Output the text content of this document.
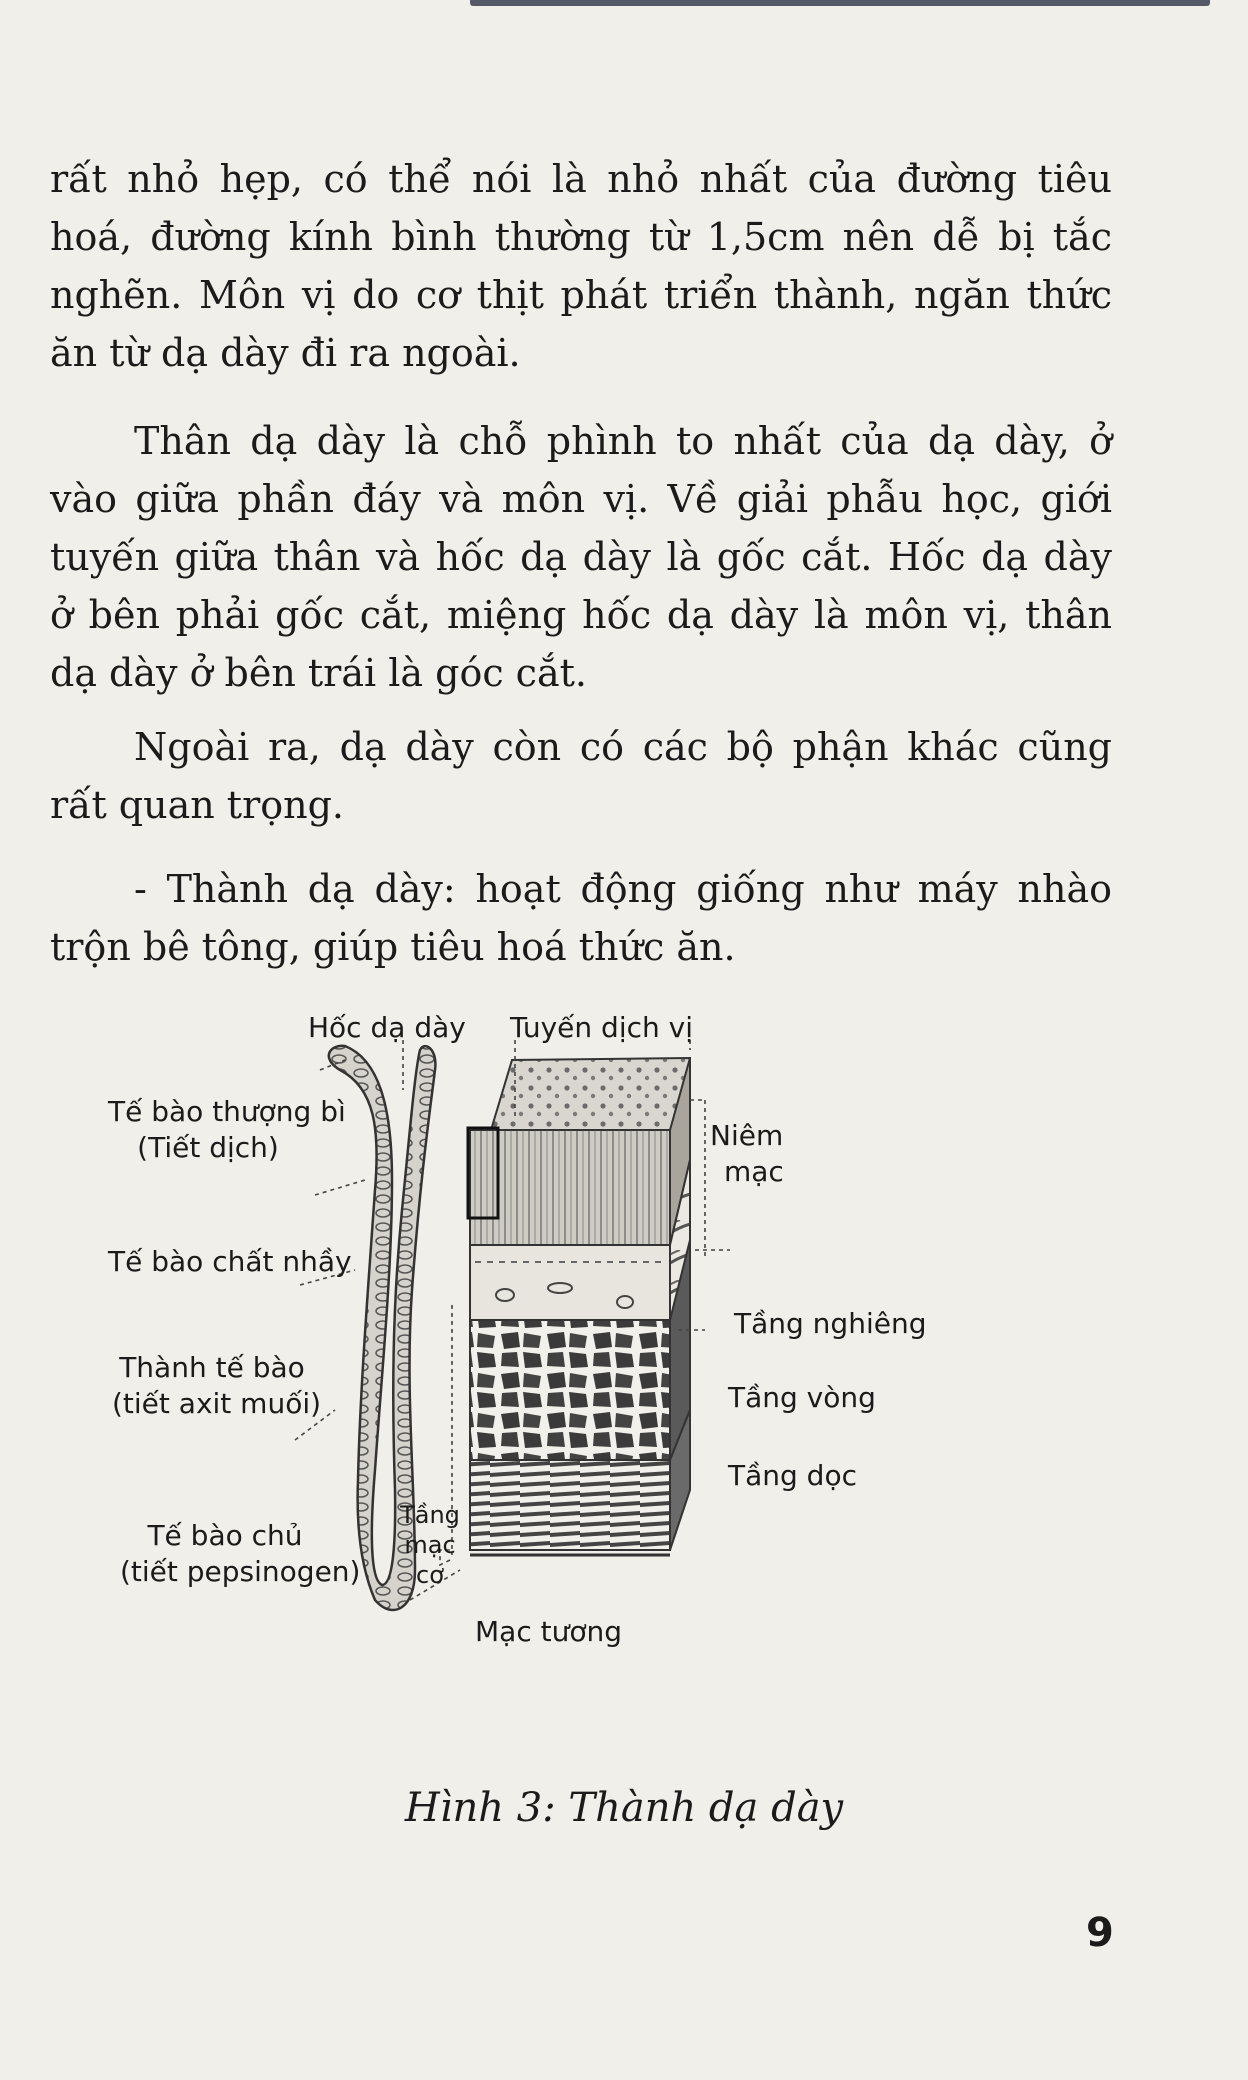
rất nhỏ hẹp, có thể nói là nhỏ nhất của đường tiêu
hoá, đường kính bình thường từ 1,5cm nên dễ bị tắc
nghẽn. Môn vị do cơ thịt phát triển thành, ngăn thức
ăn từ dạ dày đi ra ngoài.

Thân dạ dày là chỗ phình to nhất của dạ dày, ở
vào giữa phần đáy và môn vị. Về giải phẫu học, giới
tuyến giữa thân và hốc dạ dày là gốc cắt. Hốc dạ dày
ở bên phải gốc cắt, miệng hốc dạ dày là môn vị, thân
dạ dày ở bên trái là góc cắt.

Ngoài ra, dạ dày còn có các bộ phận khác cũng
rất quan trọng.

- Thành dạ dày: hoạt động giống như máy nhào
trộn bê tông, giúp tiêu hoá thức ăn.

Hốc dạ dày Tuyến dịch vị
Tế bào thượng bì
(Tiết dịch)
Tế bào chất nhầy
Thành tế bào
(tiết axit muối)
Tế bào chủ
(tiết pepsinogen)
Niêm
mạc
Tầng nghiêng
Tầng vòng
Tầng dọc
Tầng
mạc
cơ
Mạc tương
Hình 3: Thành dạ dày
9
